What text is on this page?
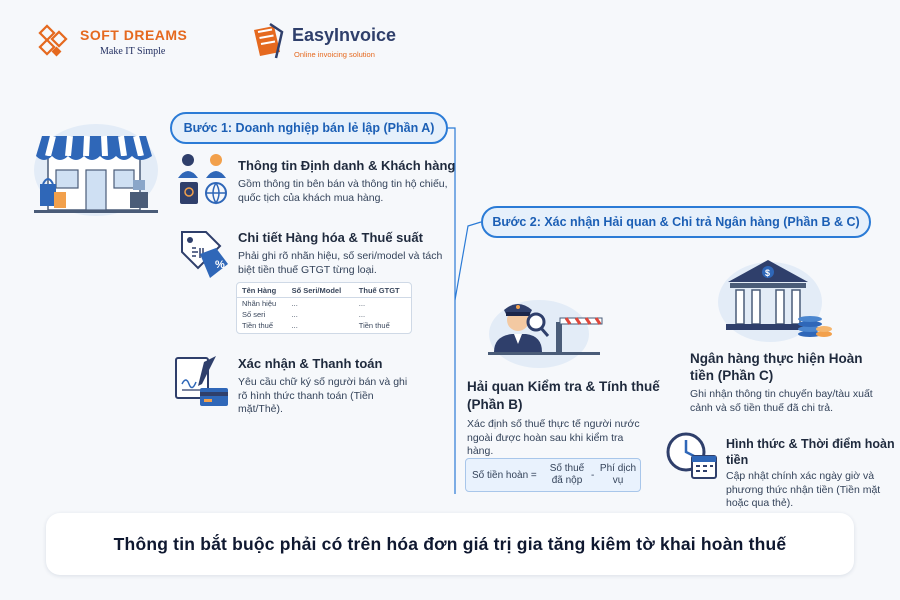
SOFT DREAMS
Make IT Simple
EasyInvoice
Online invoicing solution
Bước 1: Doanh nghiệp bán lẻ lập (Phần A)
Thông tin Định danh & Khách hàng
Gồm thông tin bên bán và thông tin hộ chiếu, quốc tịch của khách mua hàng.
%
Chi tiết Hàng hóa & Thuế suất
Phải ghi rõ nhãn hiệu, số seri/model và tách biệt tiền thuế GTGT từng loại.
Tên Hàng	Số Seri/Model	Thuế GTGT
Nhãn hiệu	...	...
Số seri	...	...
Tiền thuế	...	Tiền thuế
Xác nhận & Thanh toán
Yêu cầu chữ ký số người bán và ghi rõ hình thức thanh toán (Tiền mặt/Thẻ).
Bước 2: Xác nhận Hải quan & Chi trả Ngân hàng (Phần B & C)
Hải quan Kiểm tra & Tính thuế (Phần B)
Xác định số thuế thực tế người nước ngoài được hoàn sau khi kiểm tra hàng.
Số tiền hoàn =
Số thuế đã nộp -
Phí dịch vụ
$
Ngân hàng thực hiện Hoàn tiền (Phần C)
Ghi nhận thông tin chuyến bay/tàu xuất cảnh và số tiền thuế đã chi trả.
Hình thức & Thời điểm hoàn tiền
Cập nhật chính xác ngày giờ và phương thức nhận tiền (Tiền mặt hoặc qua thẻ).
Thông tin bắt buộc phải có trên hóa đơn giá trị gia tăng kiêm tờ khai hoàn thuế
